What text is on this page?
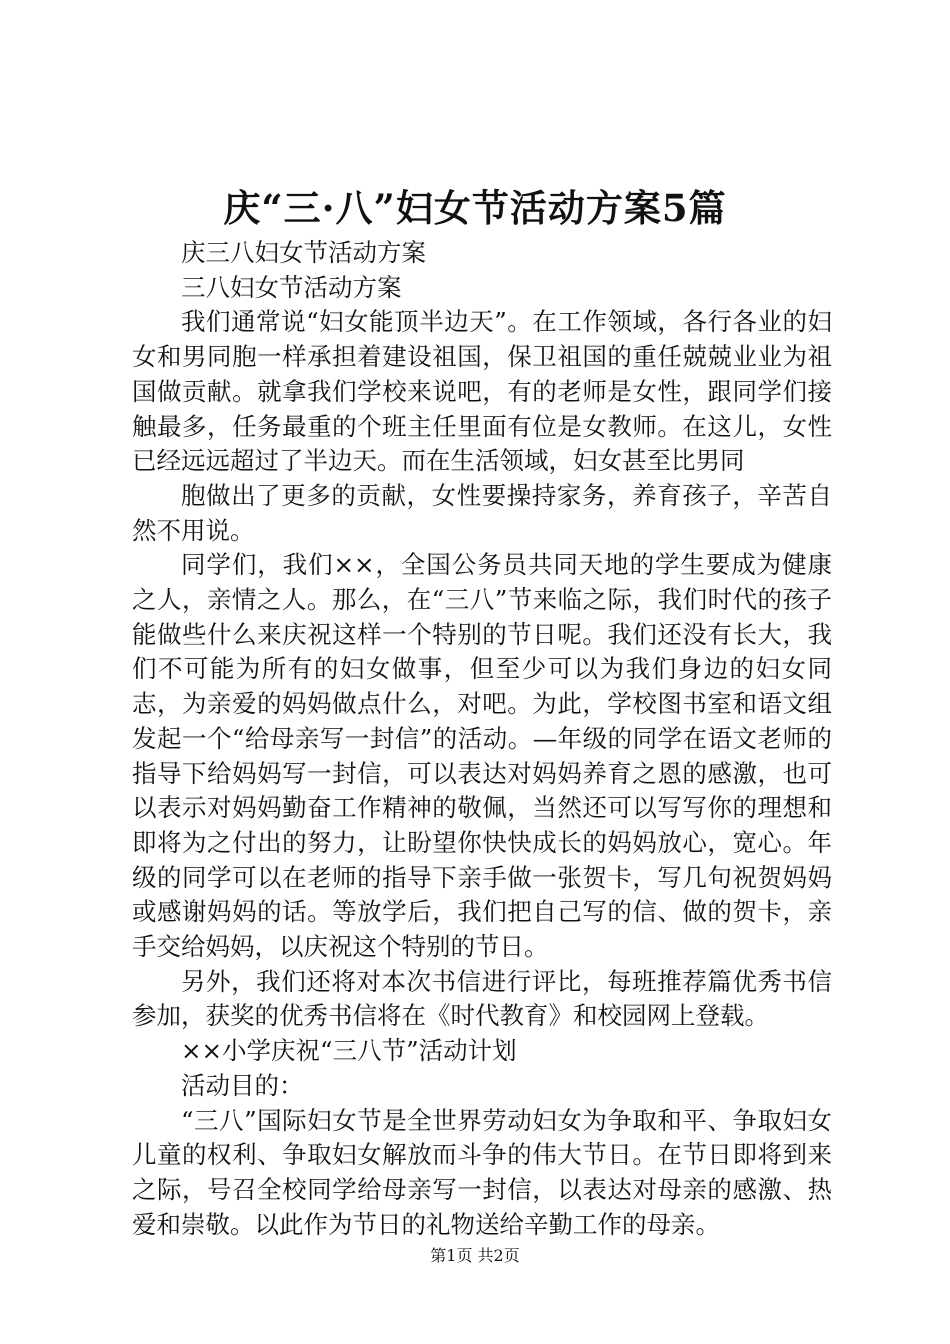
庆“三·八”妇女节活动方案5篇

庆三八妇女节活动方案

三八妇女节活动方案

我们通常说“妇女能顶半边天”。在工作领域，各行各业的妇女和男同胞一样承担着建设祖国，保卫祖国的重任兢兢业业为祖国做贡献。就拿我们学校来说吧，有的老师是女性，跟同学们接触最多，任务最重的个班主任里面有位是女教师。在这儿，女性已经远远超过了半边天。而在生活领域，妇女甚至比男同

胞做出了更多的贡献，女性要操持家务，养育孩子，辛苦自然不用说。

同学们，我们××，全国公务员共同天地的学生要成为健康之人，亲情之人。那么，在“三八”节来临之际，我们时代的孩子能做些什么来庆祝这样一个特别的节日呢。我们还没有长大，我们不可能为所有的妇女做事，但至少可以为我们身边的妇女同志，为亲爱的妈妈做点什么，对吧。为此，学校图书室和语文组发起一个“给母亲写一封信”的活动。—年级的同学在语文老师的指导下给妈妈写一封信，可以表达对妈妈养育之恩的感激，也可以表示对妈妈勤奋工作精神的敬佩，当然还可以写写你的理想和即将为之付出的努力，让盼望你快快成长的妈妈放心，宽心。年级的同学可以在老师的指导下亲手做一张贺卡，写几句祝贺妈妈或感谢妈妈的话。等放学后，我们把自己写的信、做的贺卡，亲手交给妈妈，以庆祝这个特别的节日。

另外，我们还将对本次书信进行评比，每班推荐篇优秀书信参加，获奖的优秀书信将在《时代教育》和校园网上登载。

××小学庆祝“三八节”活动计划

活动目的：

“三八”国际妇女节是全世界劳动妇女为争取和平、争取妇女儿童的权利、争取妇女解放而斗争的伟大节日。在节日即将到来之际，号召全校同学给母亲写一封信，以表达对母亲的感激、热爱和崇敬。以此作为节日的礼物送给辛勤工作的母亲。

第1页 共2页
